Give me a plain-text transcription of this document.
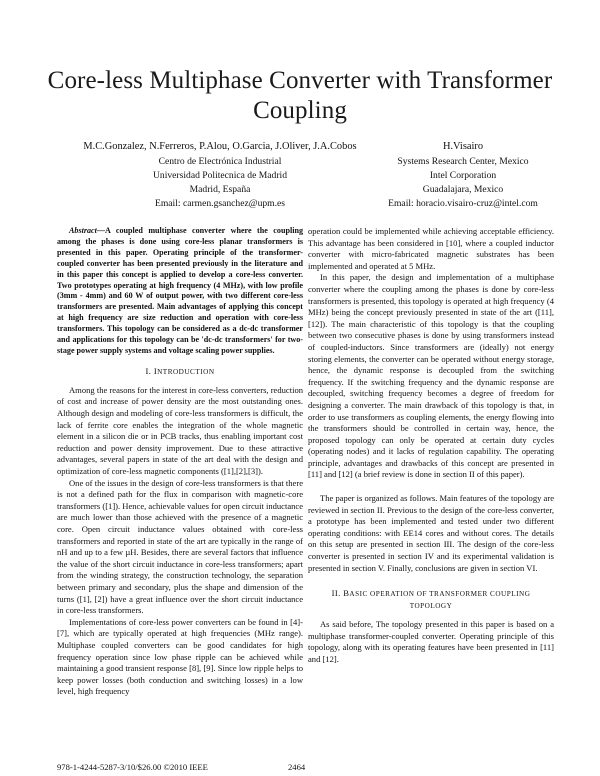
Core-less Multiphase Converter with Transformer
Coupling
M.C.Gonzalez, N.Ferreros, P.Alou, O.Garcia, J.Oliver, J.A.Cobos
Centro de Electrónica Industrial
Universidad Politecnica de Madrid
Madrid, España
Email: carmen.gsanchez@upm.es
H.Visairo
Systems Research Center, Mexico
Intel Corporation
Guadalajara, Mexico
Email: horacio.visairo-cruz@intel.com

Abstract—A coupled multiphase converter where the coupling among the phases is done using core-less planar transformers is presented in this paper. Operating principle of the transformer-coupled converter has been presented previously in the literature and in this paper this concept is applied to develop a core-less converter. Two prototypes operating at high frequency (4 MHz), with low profile (3mm - 4mm) and 60 W of output power, with two different core-less transformers are presented. Main advantages of applying this concept at high frequency are size reduction and operation with core-less transformers. This topology can be considered as a dc-dc transformer and applications for this topology can be 'dc-dc transformers' for two-stage power supply systems and voltage scaling power supplies.

I. INTRODUCTION

Among the reasons for the interest in core-less converters, reduction of cost and increase of power density are the most outstanding ones. Although design and modeling of core-less transformers is difficult, the lack of ferrite core enables the integration of the whole magnetic element in a silicon die or in PCB tracks, thus enabling important cost reduction and power density improvement. Due to these attractive advantages, several papers in state of the art deal with the design and optimization of core-less magnetic components ([1],[2],[3]).

One of the issues in the design of core-less transformers is that there is not a defined path for the flux in comparison with magnetic-core transformers ([1]). Hence, achievable values for open circuit inductance are much lower than those achieved with the presence of a magnetic core. Open circuit inductance values obtained with core-less transformers and reported in state of the art are typically in the range of nH and up to a few µH. Besides, there are several factors that influence the value of the short circuit inductance in core-less transformers; apart from the winding strategy, the construction technology, the separation between primary and secondary, plus the shape and dimension of the turns ([1], [2]) have a great influence over the short circuit inductance in core-less transformers.

Implementations of core-less power converters can be found in [4]-[7], which are typically operated at high frequencies (MHz range). Multiphase coupled converters can be good candidates for high frequency operation since low phase ripple can be achieved while maintaining a good transient response [8], [9]. Since low ripple helps to keep power losses (both conduction and switching losses) in a low level, high frequency

operation could be implemented while achieving acceptable efficiency. This advantage has been considered in [10], where a coupled inductor converter with micro-fabricated magnetic substrates has been implemented and operated at 5 MHz.

In this paper, the design and implementation of a multiphase converter where the coupling among the phases is done by core-less transformers is presented, this topology is operated at high frequency (4 MHz) being the concept previously presented in state of the art ([11], [12]). The main characteristic of this topology is that the coupling between two consecutive phases is done by using transformers instead of coupled-inductors. Since transformers are (ideally) not energy storing elements, the converter can be operated without energy storage, hence, the dynamic response is decoupled from the switching frequency. If the switching frequency and the dynamic response are decoupled, switching frequency becomes a degree of freedom for designing a converter. The main drawback of this topology is that, in order to use transformers as coupling elements, the energy flowing into the transformers should be controlled in certain way, hence, the proposed topology can only be operated at certain duty cycles (operating nodes) and it lacks of regulation capability. The operating principle, advantages and drawbacks of this concept are presented in [11] and [12] (a brief review is done in section II of this paper).

The paper is organized as follows. Main features of the topology are reviewed in section II. Previous to the design of the core-less converter, a prototype has been implemented and tested under two different operating conditions: with EE14 cores and without cores. The details on this setup are presented in section III. The design of the core-less converter is presented in section IV and its experimental validation is presented in section V. Finally, conclusions are given in section VI.

II. BASIC OPERATION OF TRANSFORMER COUPLING
TOPOLOGY

As said before, The topology presented in this paper is based on a multiphase transformer-coupled converter. Operating principle of this topology, along with its operating features have been presented in [11] and [12].

978-1-4244-5287-3/10/$26.00 ©2010 IEEE	2464
